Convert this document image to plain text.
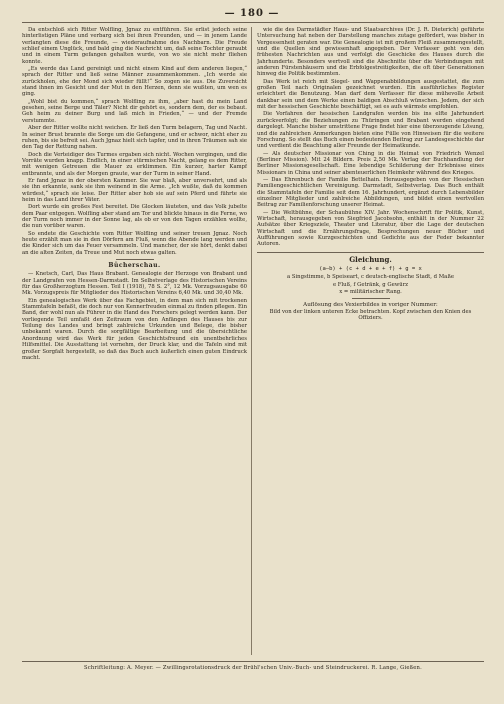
— 180 —

Da entschloß sich Ritter Wolfling, Jgnaz zu entführen. Sie erlist jedoch seine hinterlistigen Pläne und verbarg sich bei ihren Freunden, und — in jenem Lande verlangten diese die Freunde, — wiederaufnahme des Nachbarn. Die Freude schlief einem Unglück, und bald ging die Nachricht um, daß seine Tochter geraubt und in einem Turm gefangen gehalten wurde, von wo sie nicht mehr fliehen konnte.

„Es werde das Land gereinigt und nicht einem Kind auf dem anderen liegen,“ sprach der Ritter und ließ seine Männer zusammenkommen. „Ich werde sie zurückholen, ehe der Mond sich wieder füllt!“ So zogen sie aus. Die Zuversicht stand ihnen im Gesicht und der Mut in den Herzen, denn sie wußten, um wen es ging.

„Wohl bist du kommen,“ sprach Wolfling zu ihm, „aber hast du mein Land gesehen, seine Berge und Täler? Nicht dir gehört es, sondern dem, der es bebaut. Geh heim zu deiner Burg und laß mich in Frieden,“ — und der Fremde verstummte.

Aber der Ritter wollte nicht weichen. Er ließ den Turm belagern, Tag und Nacht. In seiner Brust brannte die Sorge um die Gefangene, und er schwor, nicht eher zu ruhen, bis sie befreit sei. Auch Jgnaz hielt sich tapfer, und in ihren Träumen sah sie den Tag der Rettung nahen.

Doch die Verteidiger des Turmes ergaben sich nicht. Wochen vergingen, und die Vorräte wurden knapp. Endlich, in einer stürmischen Nacht, gelang es dem Ritter, mit wenigen Getreuen die Mauer zu erklimmen. Ein kurzer, harter Kampf entbrannte, und als der Morgen graute, war der Turm in seiner Hand.

Er fand Jgnaz in der obersten Kammer. Sie war blaß, aber unversehrt, und als sie ihn erkannte, sank sie ihm weinend in die Arme. „Ich wußte, daß du kommen würdest,“ sprach sie leise. Der Ritter aber hob sie auf sein Pferd und führte sie heim in das Land ihrer Väter.

Dort wurde ein großes Fest bereitet. Die Glocken läuteten, und das Volk jubelte dem Paar entgegen. Wolfling aber stand am Tor und blickte hinaus in die Ferne, wo der Turm noch immer in der Sonne lag, als ob er von den Tagen erzählen wollte, die nun vorüber waren.

So endete die Geschichte vom Ritter Wolfling und seiner treuen Jgnaz. Noch heute erzählt man sie in den Dörfern am Fluß, wenn die Abende lang werden und die Kinder sich um das Feuer versammeln. Und mancher, der sie hört, denkt dabei an die alten Zeiten, da Treue und Mut noch etwas galten.

Bücherschau.

— Knetsch, Carl, Das Haus Brabant. Genealogie der Herzoge von Brabant und der Landgrafen von Hessen-Darmstadt. Im Selbstverlage des Historischen Vereins für das Großherzogtum Hessen. Teil I (1918), 78 S. 2°, 12 Mk. Vorzugsausgabe 60 Mk. Vorzugspreis für Mitglieder des Historischen Vereins 6,40 Mk. und 30,40 Mk.

Ein genealogisches Werk über das Fachgebiet, in dem man sich mit trockenen Stammtafeln befaßt, die doch nur von Kennerfreuden einmal zu finden pflegen. Ein Band, der wohl nun als Führer in die Hand des Forschers gelegt werden kann. Der vorliegende Teil umfaßt den Zeitraum von den Anfängen des Hauses bis zur Teilung des Landes und bringt zahlreiche Urkunden und Belege, die bisher unbekannt waren. Durch die sorgfältige Bearbeitung und die übersichtliche Anordnung wird das Werk für jeden Geschichtsfreund ein unentbehrliches Hilfsmittel. Die Ausstattung ist vornehm, der Druck klar, und die Tafeln sind mit großer Sorgfalt hergestellt, so daß das Buch auch äußerlich einen guten Eindruck macht.

wie die des Darmstädter Haus- und Staatsarchives (Dr. J. R. Dieterich) geführte Untersuchung hat neben der Darstellung manches zutage gefördert, was bisher in Vergessenheit geraten war. Die Genealogie ist mit großem Fleiß zusammengestellt, und die Quellen sind gewissenhaft angegeben. Der Verfasser geht von den frühesten Nachrichten aus und verfolgt die Geschicke des Hauses durch die Jahrhunderte. Besonders wertvoll sind die Abschnitte über die Verbindungen mit anderen Fürstenhäusern und die Erbfolgestreitigkeiten, die oft über Generationen hinweg die Politik bestimmten.

Das Werk ist reich mit Siegel- und Wappenabbildungen ausgestattet, die zum großen Teil nach Originalen gezeichnet wurden. Ein ausführliches Register erleichtert die Benutzung. Man darf dem Verfasser für diese mühevolle Arbeit dankbar sein und dem Werke einen baldigen Abschluß wünschen. Jedem, der sich mit der hessischen Geschichte beschäftigt, sei es aufs wärmste empfohlen.

Die Vorfahren der hessischen Landgrafen werden bis ins elfte Jahrhundert zurückverfolgt; die Beziehungen zu Thüringen und Brabant werden eingehend dargelegt. Manche bisher umstrittene Frage findet hier eine überzeugende Lösung, und die zahlreichen Anmerkungen bieten eine Fülle von Hinweisen für die weitere Forschung. So stellt das Buch einen bedeutenden Beitrag zur Landesgeschichte dar und verdient die Beachtung aller Freunde der Heimatkunde.

— Als deutscher Missionar von Ching in die Heimat von Friedrich Wenzel (Berliner Mission). Mit 24 Bildern. Preis 2,50 Mk. Verlag der Buchhandlung der Berliner Missionsgesellschaft. Eine lebendige Schilderung der Erlebnisse eines Missionars in China und seiner abenteuerlichen Heimkehr während des Krieges.

— Das Ehrenbuch der Familie Bettelhain. Herausgegeben von der Hessischen Familiengeschichtlichen Vereinigung. Darmstadt, Selbstverlag. Das Buch enthält die Stammtafeln der Familie seit dem 16. Jahrhundert, ergänzt durch Lebensbilder einzelner Mitglieder und zahlreiche Abbildungen, und bildet einen wertvollen Beitrag zur Familienforschung unserer Heimat.

— Die Weltbühne, der Schaubühne XIV. Jahr. Wochenschrift für Politik, Kunst, Wirtschaft, herausgegeben von Siegfried Jacobsohn, enthält in der Nummer 22 Aufsätze über Kriegsziele, Theater und Literatur, über die Lage der deutschen Wirtschaft und die Ernährungsfrage, Besprechungen neuer Bücher und Aufführungen sowie Kurzgeschichten und Gedichte aus der Feder bekannter Autoren.

Gleichung.
(a—b) + (c + d + e + f) + g = x

a Singstimme, b Speiseart, c deutsch-englische Stadt, d Maße

e Fluß, f Getränk, g Gewürz

x = militärischer Rang.

Auflösung des Vexierbildes in voriger Nummer:

Bild von der linken unteren Ecke betrachten. Kopf zwischen den Knien des Offiziers.

Schriftleitung: A. Meyer. — Zwillingsrotationsdruck der Brühl'schen Univ.-Buch- und Steindruckerei. R. Lange, Gießen.
